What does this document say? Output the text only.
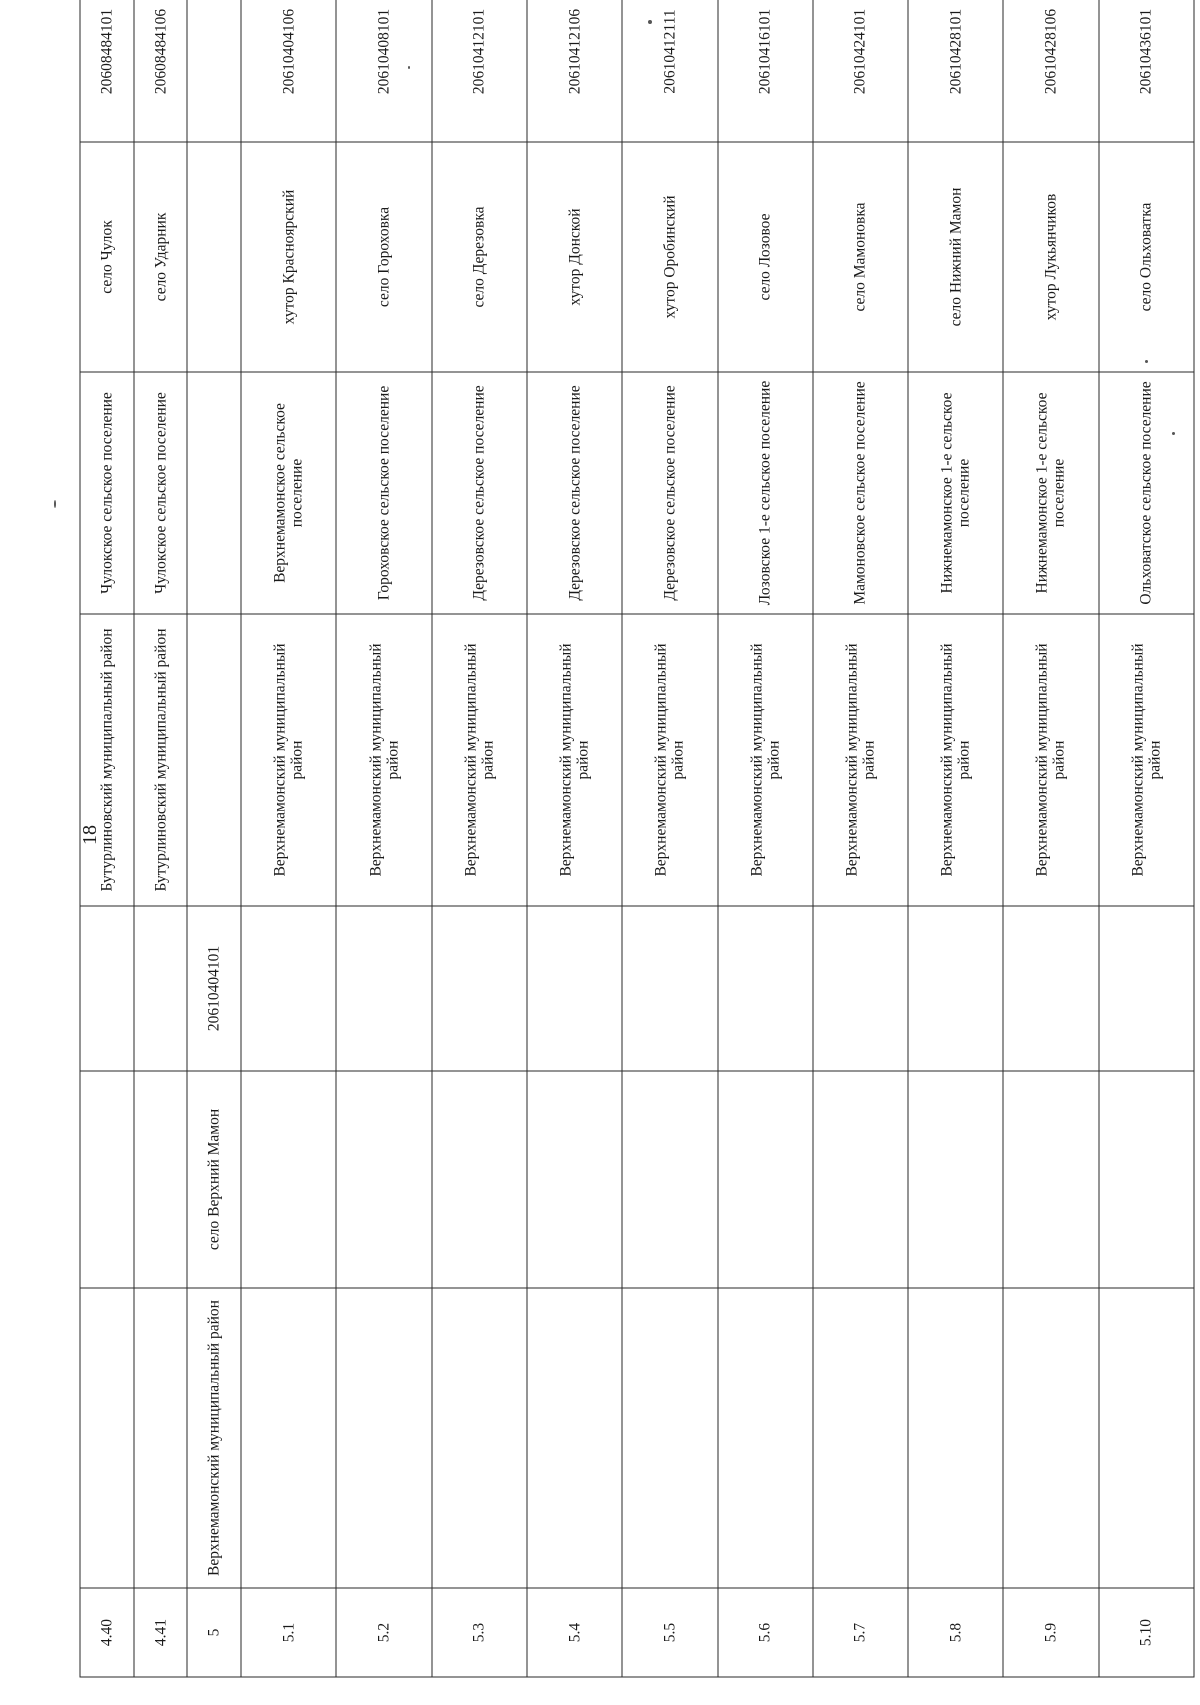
18
4.40				Бутурлиновский муниципальный район	Чулокское сельское поселение	село Чулок	20608484101
4.41				Бутурлиновский муниципальный район	Чулокское сельское поселение	село Ударник	20608484106
5	Верхнемамонский муниципальный район	село Верхний Мамон	20610404101				
5.1				Верхнемамонский муниципальный район	Верхнемамонское сельское поселение	хутор Краснoярский	20610404106
5.2				Верхнемамонский муниципальный район	Гороховское сельское поселение	село Гороховка	20610408101
5.3				Верхнемамонский муниципальный район	Дерезовское сельское поселение	село Дерезовка	20610412101
5.4				Верхнемамонский муниципальный район	Дерезовское сельское поселение	хутор Донской	20610412106
5.5				Верхнемамонский муниципальный район	Дерезовское сельское поселение	хутор Оробинский	20610412111
5.6				Верхнемамонский муниципальный район	Лозовское 1-е сельское поселение	село Лозовое	20610416101
5.7				Верхнемамонский муниципальный район	Мамоновское сельское поселение	село Мамоновка	20610424101
5.8				Верхнемамонский муниципальный район	Нижнемамонское 1-е сельское поселение	село Нижний Мамон	20610428101
5.9				Верхнемамонский муниципальный район	Нижнемамонское 1-е сельское поселение	хутор Лукьянчиков	20610428106
5.10				Верхнемамонский муниципальный район	Ольховатское сельское поселение	село Ольховатка	20610436101
